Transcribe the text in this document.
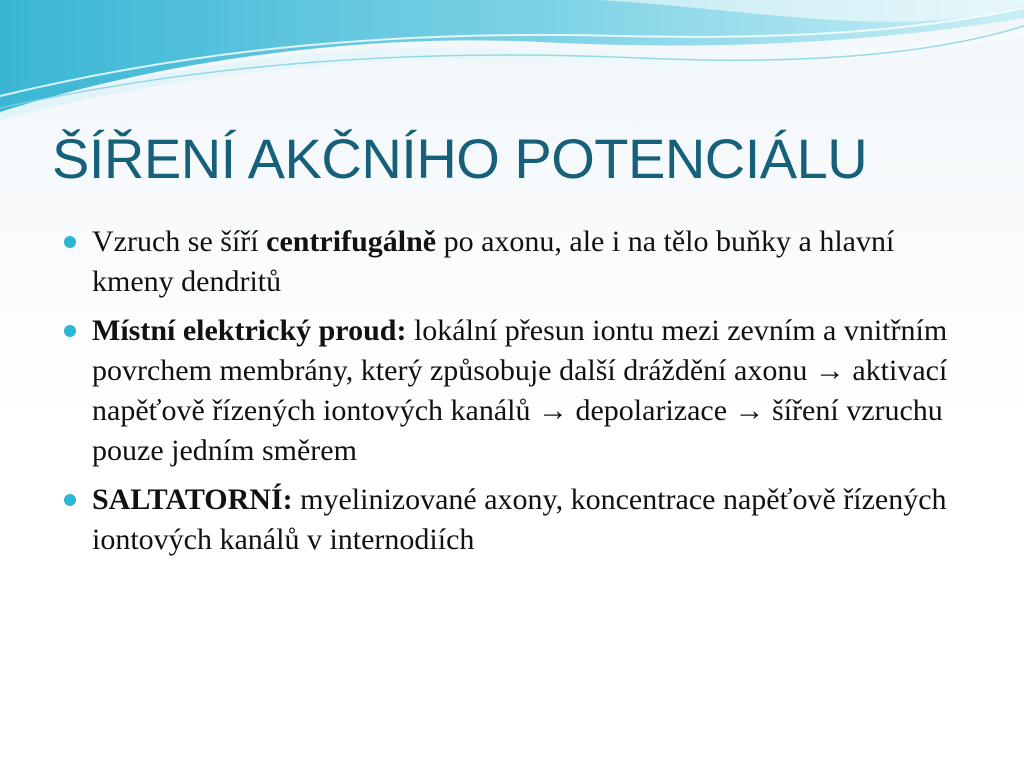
ŠÍŘENÍ AKČNÍHO POTENCIÁLU
Vzruch se šíří centrifugálně po axonu, ale i na tělo buňky a hlavní kmeny dendritů
Místní elektrický proud: lokální přesun iontu mezi zevním a vnitřním povrchem membrány, který způsobuje další dráždění axonu → aktivací napěťově řízených iontových kanálů → depolarizace → šíření vzruchu pouze jedním směrem
SALTATORNÍ: myelinizované axony, koncentrace napěťově řízených iontových kanálů v internodiích
